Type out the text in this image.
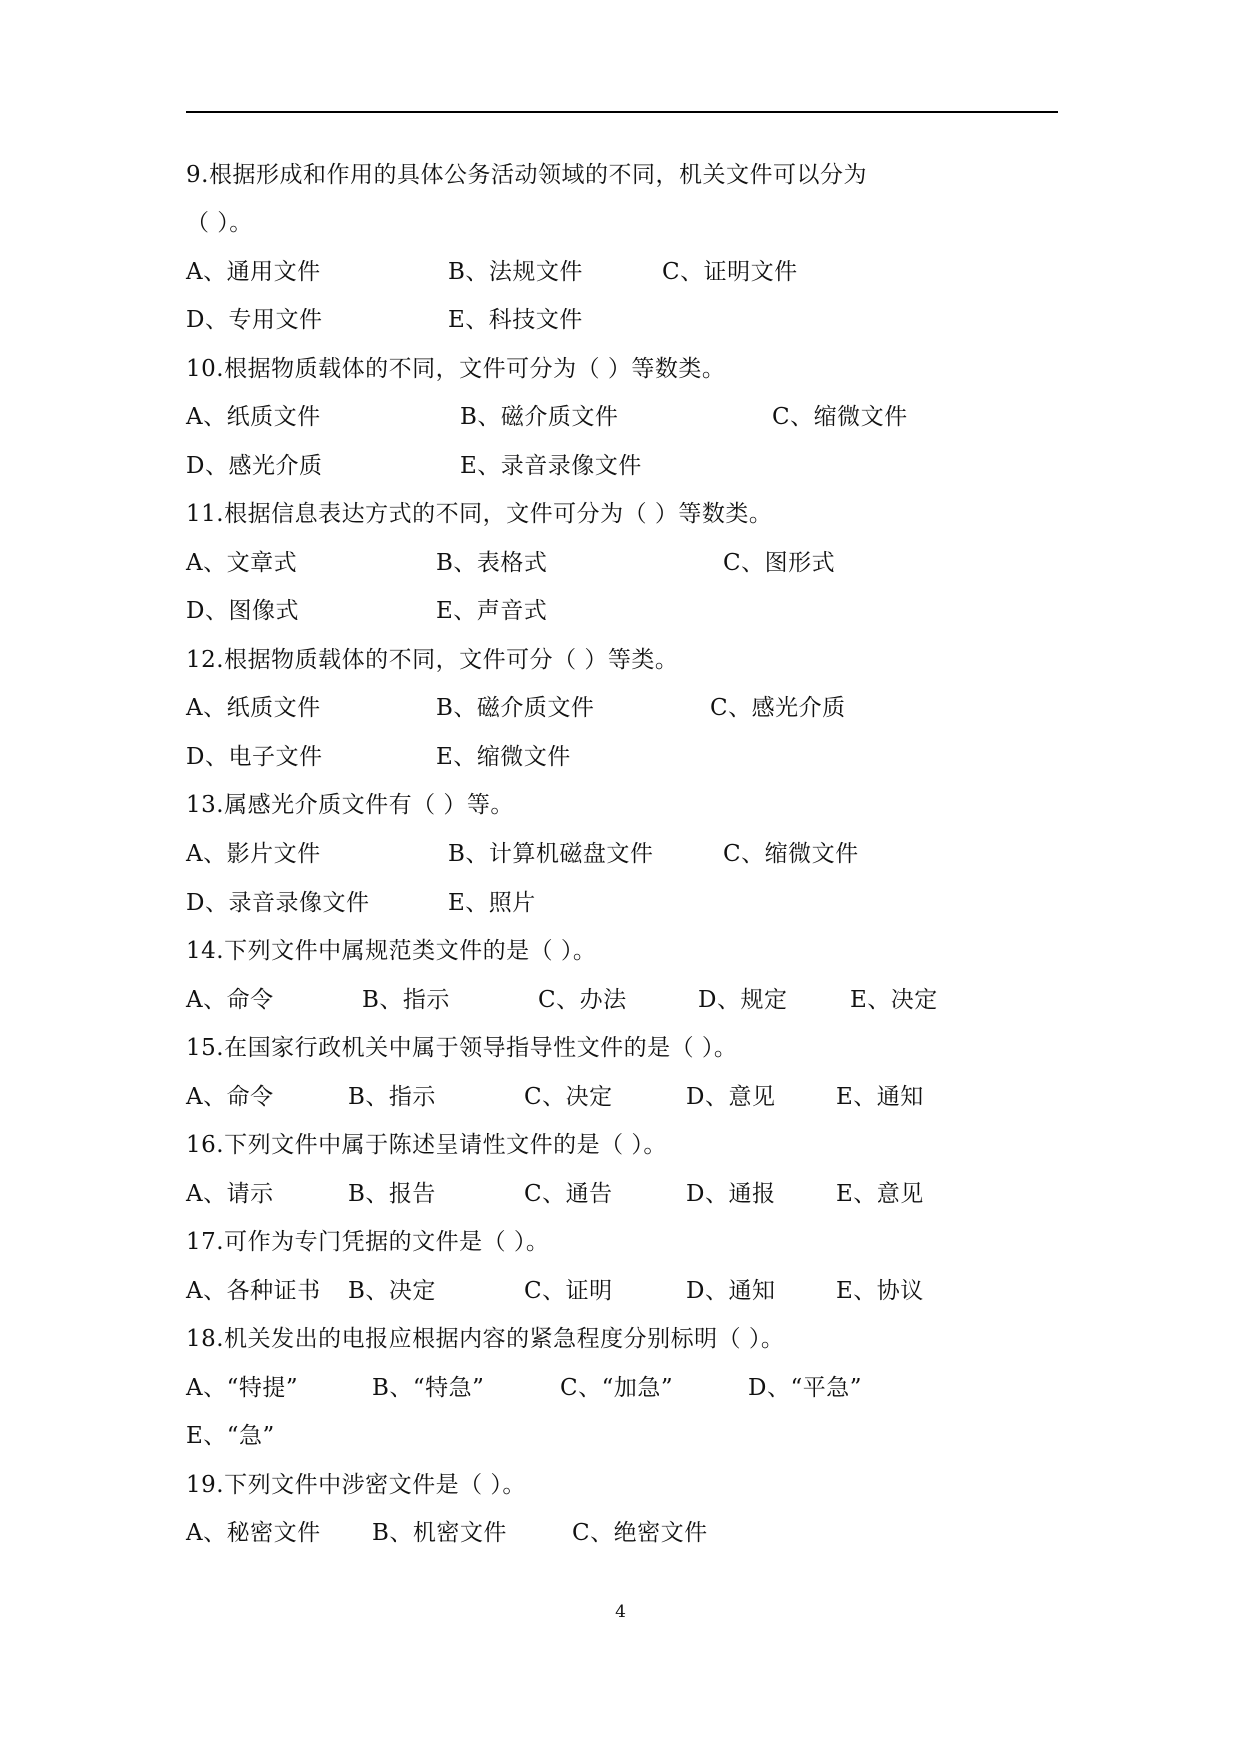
9.根据形成和作用的具体公务活动领域的不同，机关文件可以分为
（ ）。
A、通用文件	B、法规文件	C、证明文件
D、专用文件	E、科技文件
10.根据物质载体的不同，文件可分为（ ）等数类。
A、纸质文件	B、磁介质文件	C、缩微文件
D、感光介质	E、录音录像文件
11.根据信息表达方式的不同，文件可分为（ ）等数类。
A、文章式	B、表格式	C、图形式
D、图像式	E、声音式
12.根据物质载体的不同，文件可分（ ）等类。
A、纸质文件	B、磁介质文件	C、感光介质
D、电子文件	E、缩微文件
13.属感光介质文件有（ ）等。
A、影片文件	B、计算机磁盘文件	C、缩微文件
D、录音录像文件	E、照片
14.下列文件中属规范类文件的是（ ）。
A、命令	B、指示	C、办法	D、规定	E、决定
15.在国家行政机关中属于领导指导性文件的是（ ）。
A、命令	B、指示	C、决定	D、意见	E、通知
16.下列文件中属于陈述呈请性文件的是（ ）。
A、请示	B、报告	C、通告	D、通报	E、意见
17.可作为专门凭据的文件是（ ）。
A、各种证书 B、决定	C、证明	D、通知	E、协议
18.机关发出的电报应根据内容的紧急程度分别标明（ ）。
A、“特提”	B、“特急”	C、“加急”	D、“平急”
E、“急”
19.下列文件中涉密文件是（ ）。
A、秘密文件 B、机密文件	C、绝密文件
4
